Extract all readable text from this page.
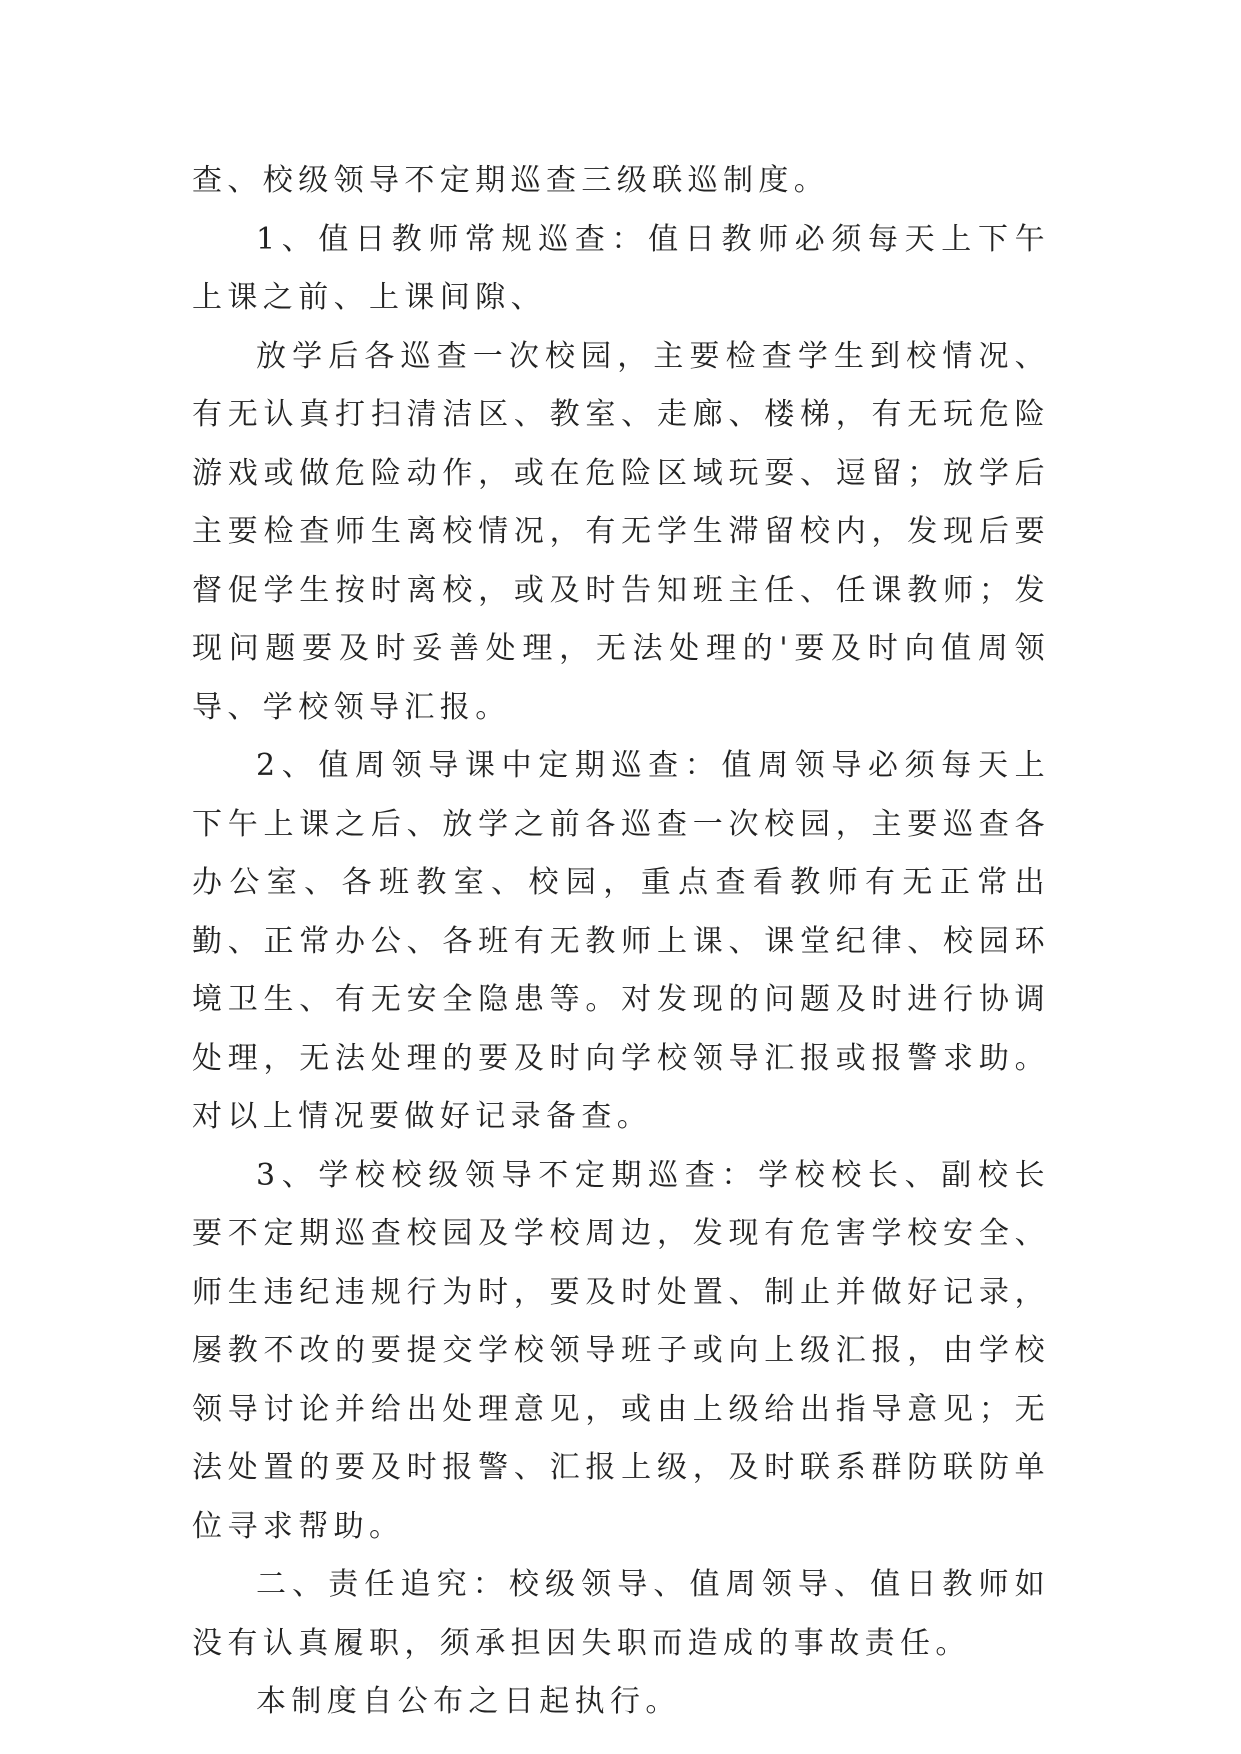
查、校级领导不定期巡查三级联巡制度。

1、值日教师常规巡查：值日教师必须每天上下午上课之前、上课间隙、

放学后各巡查一次校园，主要检查学生到校情况、有无认真打扫清洁区、教室、走廊、楼梯，有无玩危险游戏或做危险动作，或在危险区域玩耍、逗留；放学后主要检查师生离校情况，有无学生滞留校内，发现后要督促学生按时离校，或及时告知班主任、任课教师；发现问题要及时妥善处理，无法处理的'要及时向值周领导、学校领导汇报。

2、值周领导课中定期巡查：值周领导必须每天上下午上课之后、放学之前各巡查一次校园，主要巡查各办公室、各班教室、校园，重点查看教师有无正常出勤、正常办公、各班有无教师上课、课堂纪律、校园环境卫生、有无安全隐患等。对发现的问题及时进行协调处理，无法处理的要及时向学校领导汇报或报警求助。对以上情况要做好记录备查。

3、学校校级领导不定期巡查：学校校长、副校长要不定期巡查校园及学校周边，发现有危害学校安全、师生违纪违规行为时，要及时处置、制止并做好记录，屡教不改的要提交学校领导班子或向上级汇报，由学校领导讨论并给出处理意见，或由上级给出指导意见；无法处置的要及时报警、汇报上级，及时联系群防联防单位寻求帮助。

二、责任追究：校级领导、值周领导、值日教师如没有认真履职，须承担因失职而造成的事故责任。

本制度自公布之日起执行。
